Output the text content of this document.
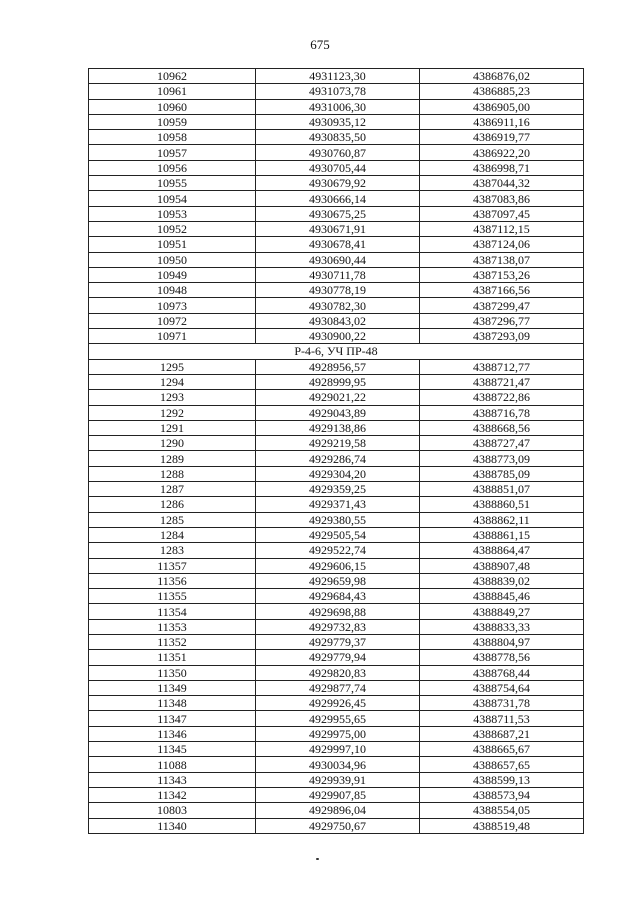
675
10962	4931123,30	4386876,02
10961	4931073,78	4386885,23
10960	4931006,30	4386905,00
10959	4930935,12	4386911,16
10958	4930835,50	4386919,77
10957	4930760,87	4386922,20
10956	4930705,44	4386998,71
10955	4930679,92	4387044,32
10954	4930666,14	4387083,86
10953	4930675,25	4387097,45
10952	4930671,91	4387112,15
10951	4930678,41	4387124,06
10950	4930690,44	4387138,07
10949	4930711,78	4387153,26
10948	4930778,19	4387166,56
10973	4930782,30	4387299,47
10972	4930843,02	4387296,77
10971	4930900,22	4387293,09
Р-4-6, УЧ ПР-48		
1295	4928956,57	4388712,77
1294	4928999,95	4388721,47
1293	4929021,22	4388722,86
1292	4929043,89	4388716,78
1291	4929138,86	4388668,56
1290	4929219,58	4388727,47
1289	4929286,74	4388773,09
1288	4929304,20	4388785,09
1287	4929359,25	4388851,07
1286	4929371,43	4388860,51
1285	4929380,55	4388862,11
1284	4929505,54	4388861,15
1283	4929522,74	4388864,47
11357	4929606,15	4388907,48
11356	4929659,98	4388839,02
11355	4929684,43	4388845,46
11354	4929698,88	4388849,27
11353	4929732,83	4388833,33
11352	4929779,37	4388804,97
11351	4929779,94	4388778,56
11350	4929820,83	4388768,44
11349	4929877,74	4388754,64
11348	4929926,45	4388731,78
11347	4929955,65	4388711,53
11346	4929975,00	4388687,21
11345	4929997,10	4388665,67
11088	4930034,96	4388657,65
11343	4929939,91	4388599,13
11342	4929907,85	4388573,94
10803	4929896,04	4388554,05
11340	4929750,67	4388519,48
